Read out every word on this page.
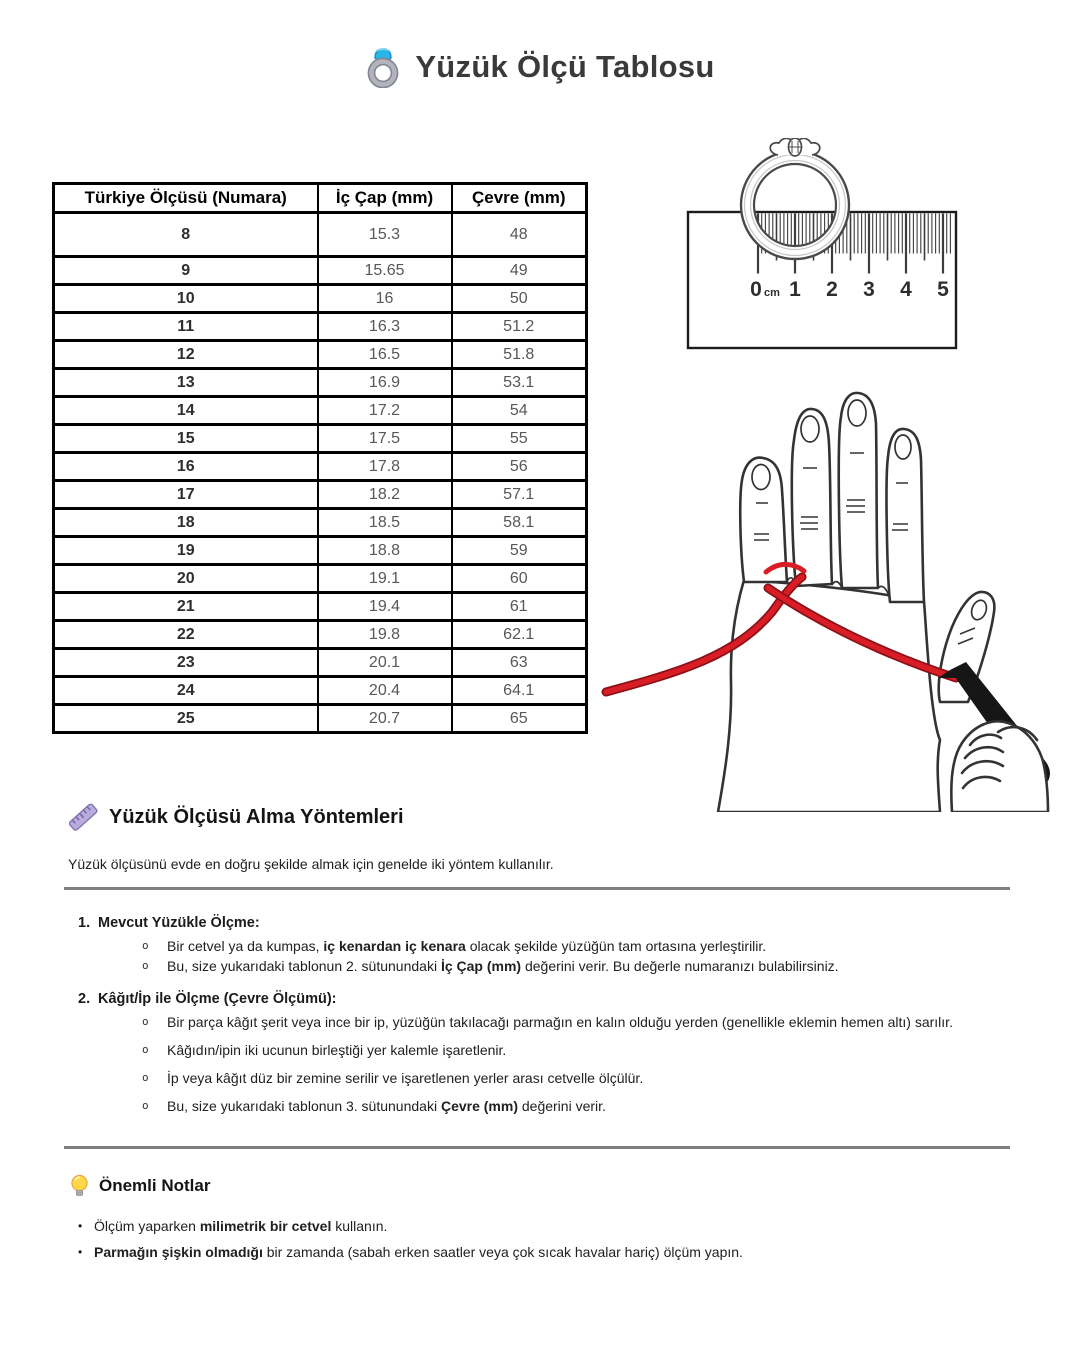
Yüzük Ölçü Tablosu
Türkiye Ölçüsü (Numara)	İç Çap (mm)	Çevre (mm)
8	15.3	48
9	15.65	49
10	16	50
11	16.3	51.2
12	16.5	51.8
13	16.9	53.1
14	17.2	54
15	17.5	55
16	17.8	56
17	18.2	57.1
18	18.5	58.1
19	18.8	59
20	19.1	60
21	19.4	61
22	19.8	62.1
23	20.1	63
24	20.4	64.1
25	20.7	65
0 cm 1 2 3 4 5
Yüzük Ölçüsü Alma Yöntemleri

Yüzük ölçüsünü evde en doğru şekilde almak için genelde iki yöntem kullanılır.

1. Mevcut Yüzükle Ölçme:
o	Bir cetvel ya da kumpas, iç kenardan iç kenara olacak şekilde yüzüğün tam ortasına yerleştirilir.
o	Bu, size yukarıdaki tablonun 2. sütunundaki İç Çap (mm) değerini verir. Bu değerle numaranızı bulabilirsiniz.
2. Kâğıt/İp ile Ölçme (Çevre Ölçümü):
o	Bir parça kâğıt şerit veya ince bir ip, yüzüğün takılacağı parmağın en kalın olduğu yerden (genellikle eklemin hemen altı) sarılır.
o	Kâğıdın/ipin iki ucunun birleştiği yer kalemle işaretlenir.
o	İp veya kâğıt düz bir zemine serilir ve işaretlenen yerler arası cetvelle ölçülür.
o	Bu, size yukarıdaki tablonun 3. sütunundaki Çevre (mm) değerini verir.
Önemli Notlar
• Ölçüm yaparken milimetrik bir cetvel kullanın.
• Parmağın şişkin olmadığı bir zamanda (sabah erken saatler veya çok sıcak havalar hariç) ölçüm yapın.
